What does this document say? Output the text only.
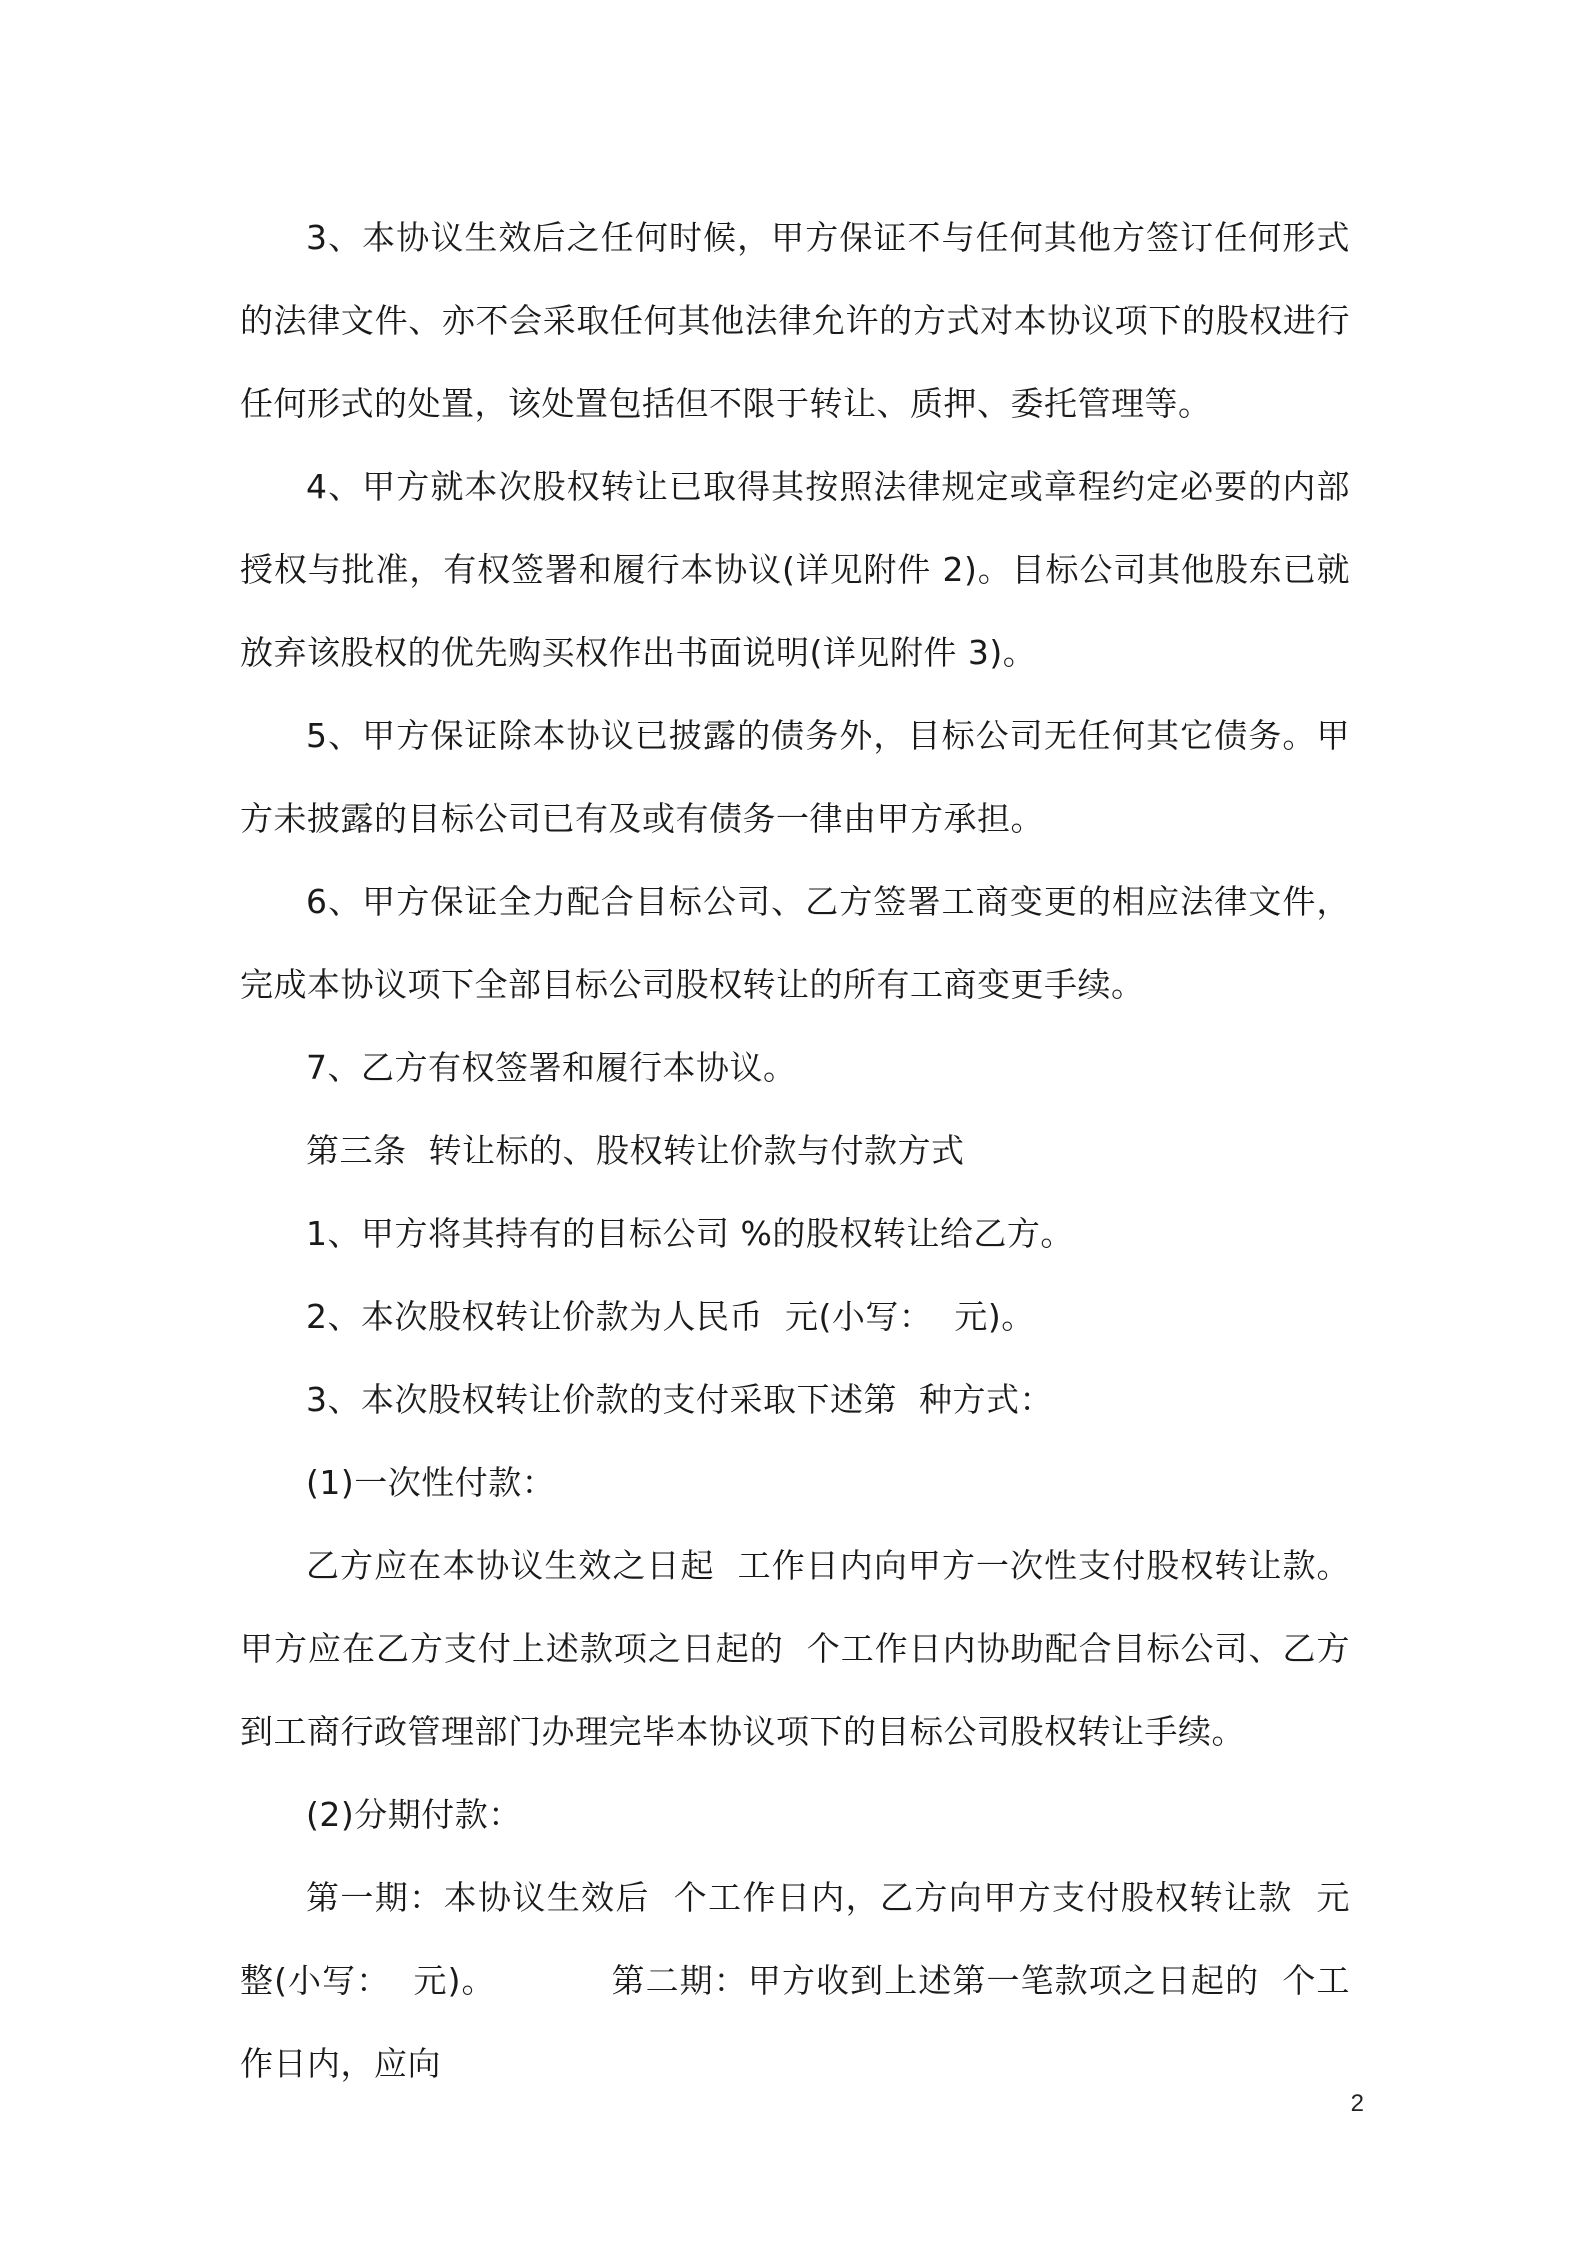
3、本协议生效后之任何时候，甲方保证不与任何其他方签订任何形式的法律文件、亦不会采取任何其他法律允许的方式对本协议项下的股权进行任何形式的处置，该处置包括但不限于转让、质押、委托管理等。

4、甲方就本次股权转让已取得其按照法律规定或章程约定必要的内部授权与批准，有权签署和履行本协议(详见附件 2)。目标公司其他股东已就放弃该股权的优先购买权作出书面说明(详见附件 3)。

5、甲方保证除本协议已披露的债务外，目标公司无任何其它债务。甲方未披露的目标公司已有及或有债务一律由甲方承担。

6、甲方保证全力配合目标公司、乙方签署工商变更的相应法律文件，完成本协议项下全部目标公司股权转让的所有工商变更手续。

7、乙方有权签署和履行本协议。

第三条  转让标的、股权转让价款与付款方式

1、甲方将其持有的目标公司 %的股权转让给乙方。

2、本次股权转让价款为人民币  元(小写：  元)。

3、本次股权转让价款的支付采取下述第  种方式：

(1)一次性付款：

乙方应在本协议生效之日起  工作日内向甲方一次性支付股权转让款。甲方应在乙方支付上述款项之日起的  个工作日内协助配合目标公司、乙方到工商行政管理部门办理完毕本协议项下的目标公司股权转让手续。

(2)分期付款：

第一期：本协议生效后  个工作日内，乙方向甲方支付股权转让款  元整(小写：  元)。          第二期：甲方收到上述第一笔款项之日起的  个工作日内，应向

2
